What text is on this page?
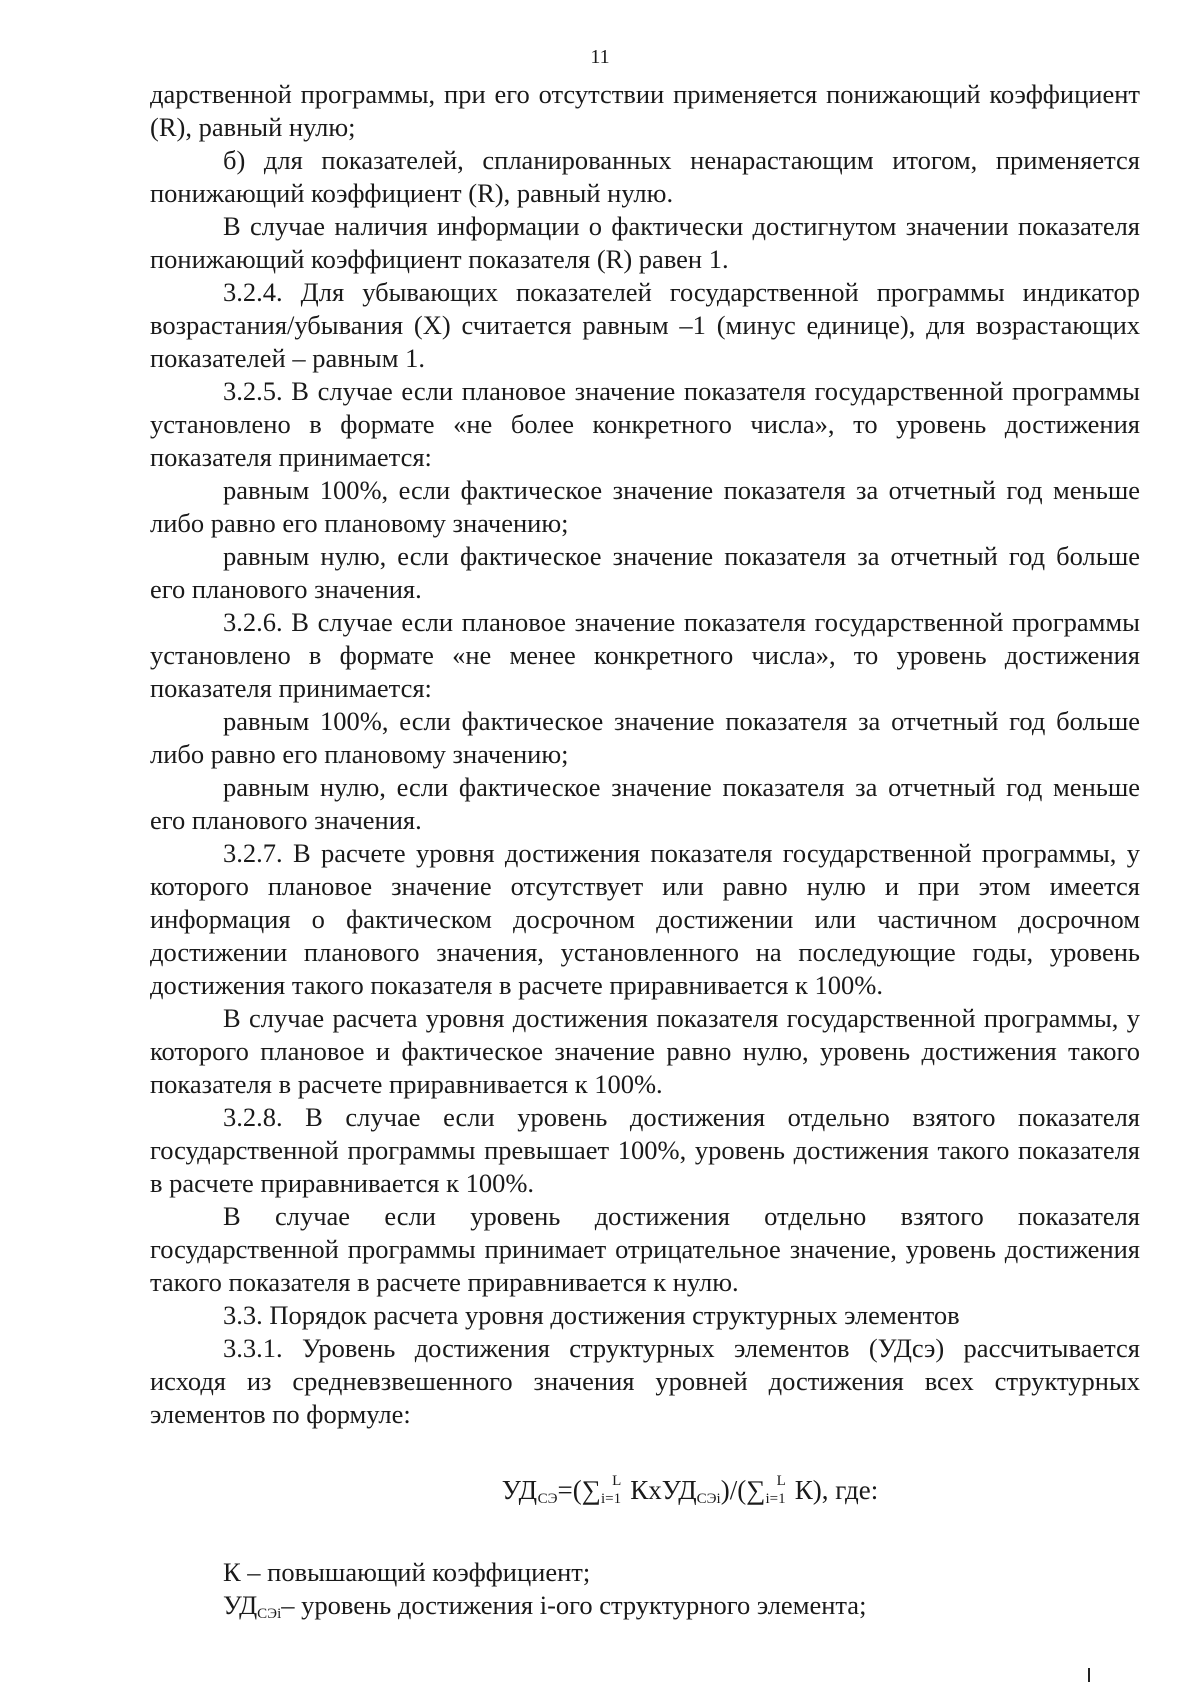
11

дарственной программы, при его отсутствии применяется понижающий коэффициент (R), равный нулю;

б) для показателей, спланированных ненарастающим итогом, применяется понижающий коэффициент (R), равный нулю.

В случае наличия информации о фактически достигнутом значении показателя понижающий коэффициент показателя (R) равен 1.

3.2.4. Для убывающих показателей государственной программы индикатор возрастания/убывания (X) считается равным –1 (минус единице), для возрастающих показателей – равным 1.

3.2.5. В случае если плановое значение показателя государственной программы установлено в формате «не более конкретного числа», то уровень достижения показателя принимается:

равным 100%, если фактическое значение показателя за отчетный год меньше либо равно его плановому значению;

равным нулю, если фактическое значение показателя за отчетный год больше его планового значения.

3.2.6. В случае если плановое значение показателя государственной программы установлено в формате «не менее конкретного числа», то уровень достижения показателя принимается:

равным 100%, если фактическое значение показателя за отчетный год больше либо равно его плановому значению;

равным нулю, если фактическое значение показателя за отчетный год меньше его планового значения.

3.2.7. В расчете уровня достижения показателя государственной программы, у которого плановое значение отсутствует или равно нулю и при этом имеется информация о фактическом досрочном достижении или частичном досрочном достижении планового значения, установленного на последующие годы, уровень достижения такого показателя в расчете приравнивается к 100%.

В случае расчета уровня достижения показателя государственной программы, у которого плановое и фактическое значение равно нулю, уровень достижения такого показателя в расчете приравнивается к 100%.

3.2.8. В случае если уровень достижения отдельно взятого показателя государственной программы превышает 100%, уровень достижения такого показателя в расчете приравнивается к 100%.

В случае если уровень достижения отдельно взятого показателя государственной программы принимает отрицательное значение, уровень достижения такого показателя в расчете приравнивается к нулю.

3.3. Порядок расчета уровня достижения структурных элементов

3.3.1. Уровень достижения структурных элементов (УДсэ) рассчитывается исходя из средневзвешенного значения уровней достижения всех структурных элементов по формуле:

$УД_{СЭ}=(\sum_{i=1}^L$ $КхУД_{СЭi})/(\sum_{i=1}^L$ К), где:

К – повышающий коэффициент;

$УД_{СЭi}-$ уровень достижения i-ого структурного элемента;
